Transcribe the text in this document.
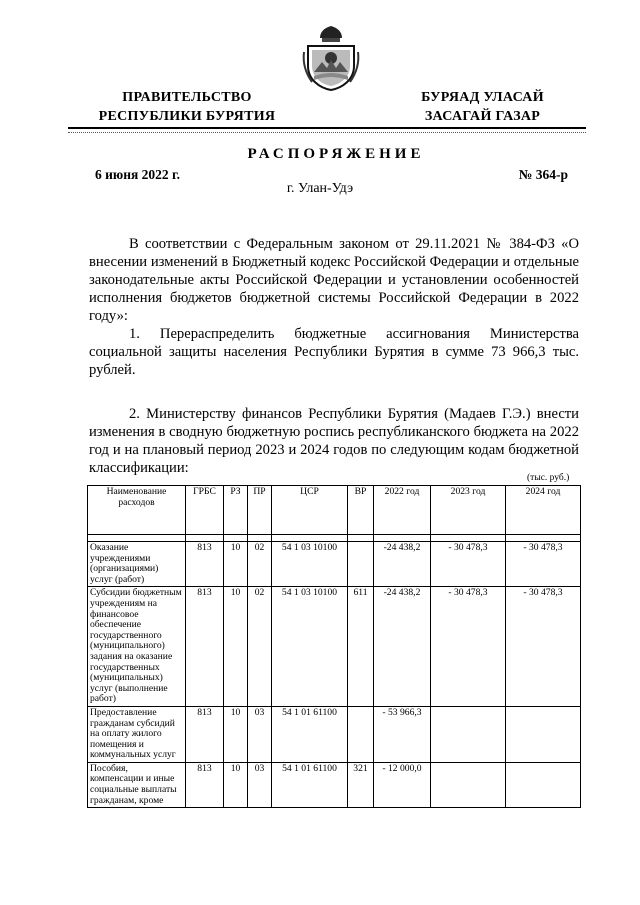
ПРАВИТЕЛЬСТВО
РЕСПУБЛИКИ БУРЯТИЯ
БУРЯАД УЛАСАЙ
ЗАСАГАЙ ГАЗАР
РАСПОРЯЖЕНИЕ
6 июня 2022 г.	№ 364-р
г. Улан-Удэ
В соответствии с Федеральным законом от 29.11.2021 № 384-ФЗ «О внесении изменений в Бюджетный кодекс Российской Федерации и отдельные законодательные акты Российской Федерации и установлении особенностей исполнения бюджетов бюджетной системы Российской Федерации в 2022 году»:
1. Перераспределить бюджетные ассигнования Министерства социальной защиты населения Республики Бурятия в сумме 73 966,3 тыс. рублей.
2. Министерству финансов Республики Бурятия (Мадаев Г.Э.) внести изменения в сводную бюджетную роспись республиканского бюджета на 2022 год и на плановый период 2023 и 2024 годов по следующим кодам бюджетной классификации:
(тыс. руб.)
Наименование расходов	ГРБС	РЗ	ПР	ЦСР	ВР	2022 год	2023 год	2024 год

Оказание учреждениями (организациями) услуг (работ)	813	10	02	54 1 03 10100		-24 438,2	- 30 478,3	- 30 478,3
Субсидии бюджетным учреждениям на финансовое обеспечение государственного (муниципального) задания на оказание государственных (муниципальных) услуг (выполнение работ)	813	10	02	54 1 03 10100	611	-24 438,2	- 30 478,3	- 30 478,3
Предоставление гражданам субсидий на оплату жилого помещения и коммунальных услуг	813	10	03	54 1 01 61100		- 53 966,3		
Пособия, компенсации и иные социальные выплаты гражданам, кроме	813	10	03	54 1 01 61100	321	- 12 000,0		
